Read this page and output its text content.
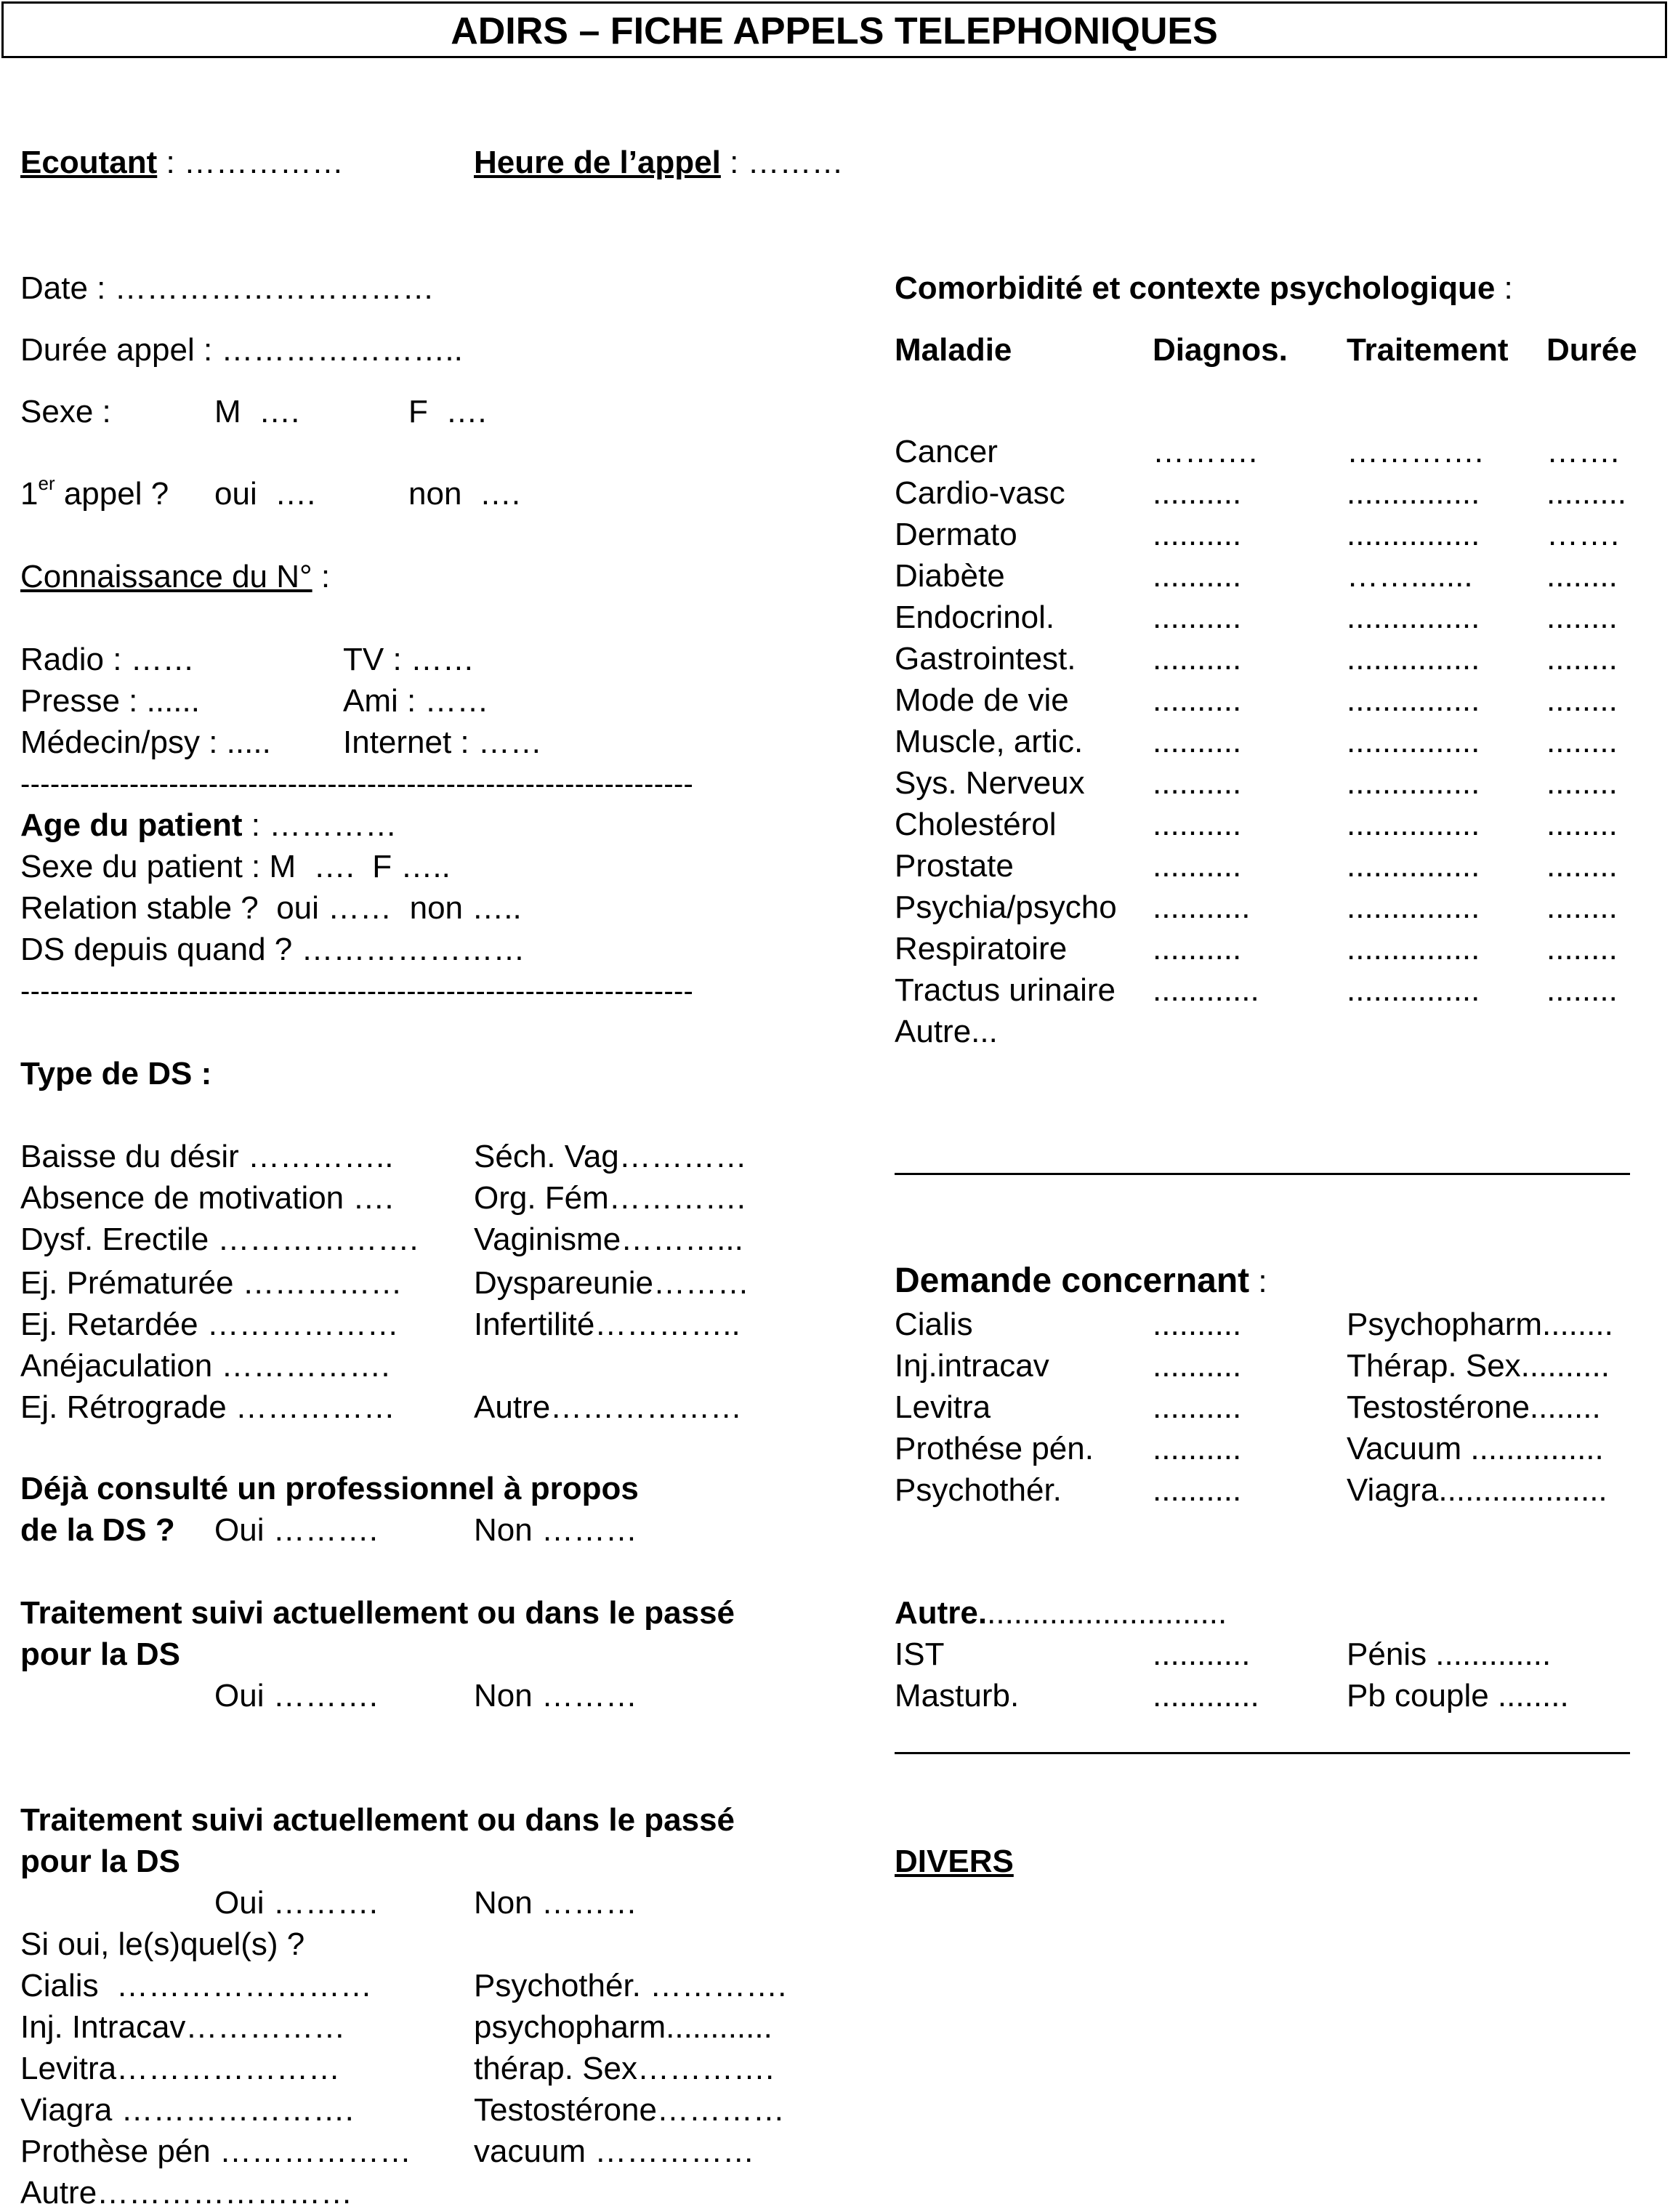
ADIRS – FICHE APPELS TELEPHONIQUES
Ecoutant : ……………	Heure de l’appel : ………
Date : …………………………
Durée appel : …………………..
Sexe :	M  ….	F  ….
1er appel ? oui  ….	non  ….
Connaissance du N° :
Radio : ……	TV : ……
Presse : ......	Ami : ……
Médecin/psy : ..... Internet : ……
--------------------------------------------------------------------
Age du patient : …………
Sexe du patient : M  ….  F …..
Relation stable ?  oui ……  non …..
DS depuis quand ? …………………
--------------------------------------------------------------------
Type de DS :
Baisse du désir …………..	Séch. Vag…………
Absence de motivation ….	Org. Fém………….
Dysf. Erectile ………………. Vaginisme………...
Ej. Prématurée …………… Dyspareunie………
Ej. Retardée ……………… Infertilité…………..
Anéjaculation …………….
Ej. Rétrograde …………… Autre………………
Déjà consulté un professionnel à propos
de la DS ? Oui ……….	Non ………
Traitement suivi actuellement ou dans le passé
pour la DS
Oui ……….	Non ………
Traitement suivi actuellement ou dans le passé
pour la DS
Oui ……….	Non ………
Si oui, le(s)quel(s) ?
Cialis  ……………………	Psychothér. ………….
Inj. Intracav……………	psychopharm............
Levitra…………………	thérap. Sex………….
Viagra ………………….	Testostérone…………
Prothèse pén ……………… vacuum ……………
Autre……………………
Comorbidité et contexte psychologique :
Maladie	Diagnos. Traitement Durée
Cancer	……….	…………. …….
Cardio-vasc	..........	............... .........
Dermato	..........	............... …….
Diabète	..........	……....... ........
Endocrinol.	..........	............... ........
Gastrointest. ..........	............... ........
Mode de vie	..........	............... ........
Muscle, artic. ..........	............... ........
Sys. Nerveux ..........	............... ........
Cholestérol	..........	............... ........
Prostate	..........	............... ........
Psychia/psycho ...........	............... ........
Respiratoire	..........	............... ........
Tractus urinaire ............	............... ........
Autre...
Demande concernant :
Cialis	..........	Psychopharm........
Inj.intracav	..........	Thérap. Sex..........
Levitra	..........	Testostérone........
Prothése pén. ..........	Vacuum ...............
Psychothér.	..........	Viagra...................
Autre............................
IST	...........	Pénis .............
Masturb.	............	Pb couple ........
DIVERS
